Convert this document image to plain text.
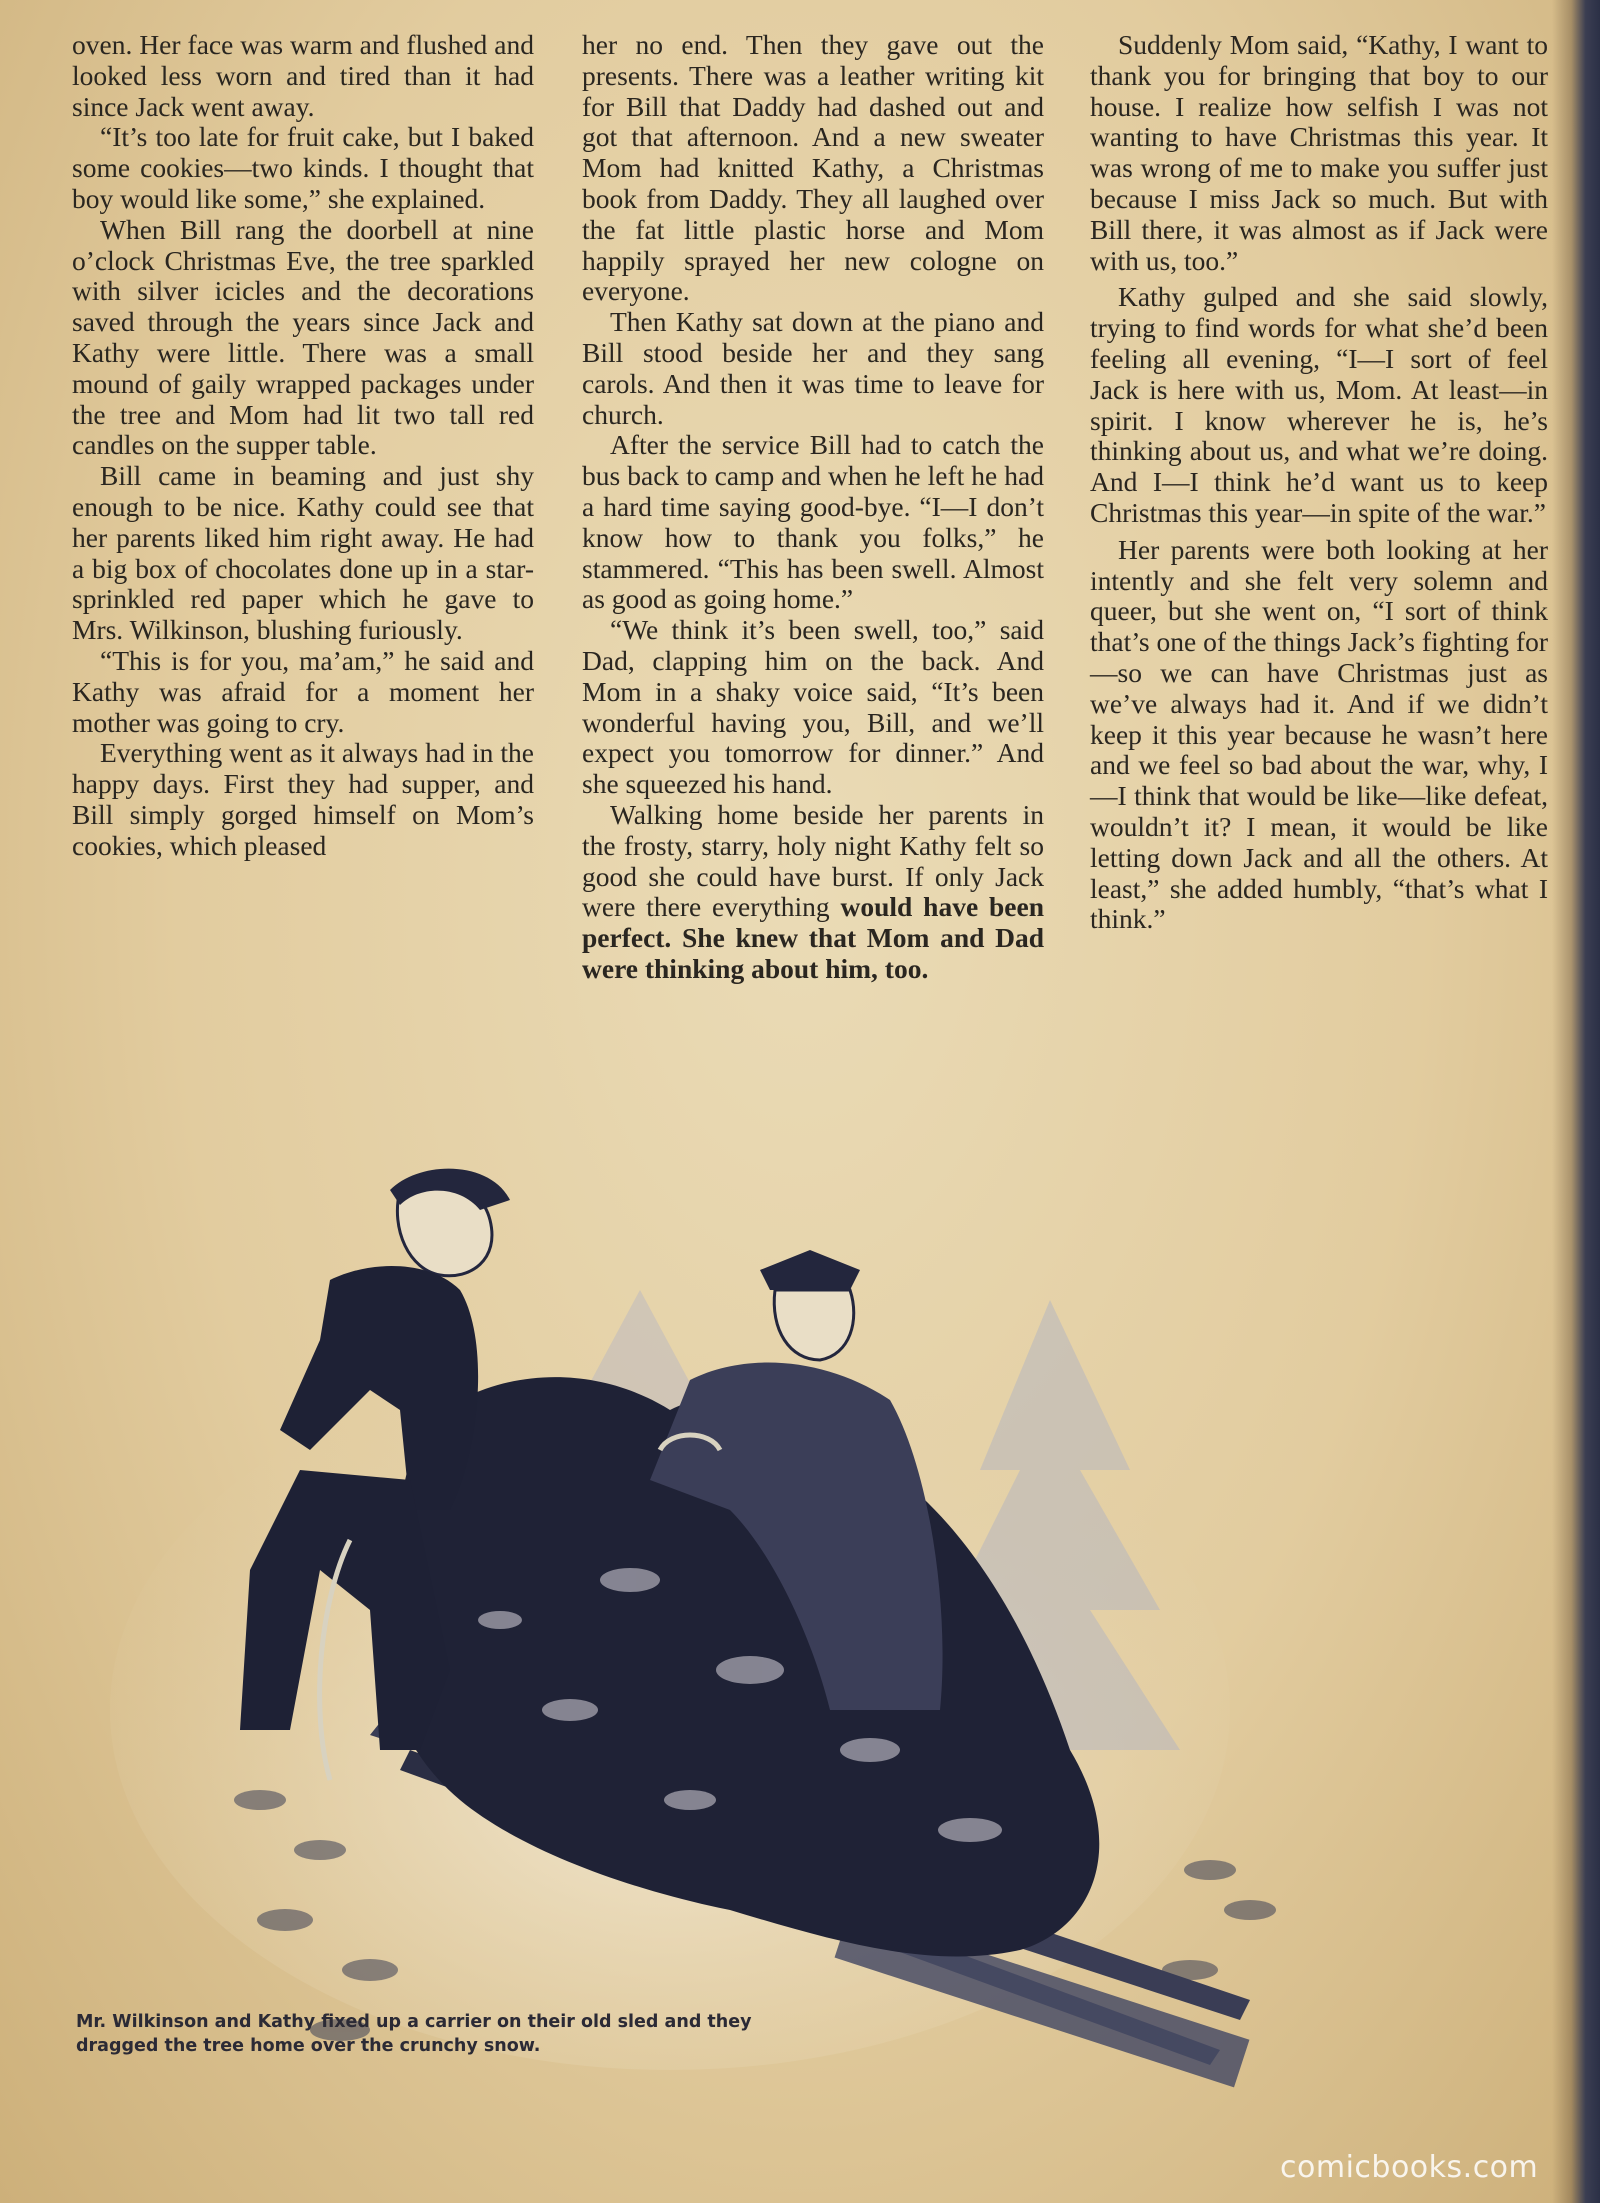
oven. Her face was warm and flushed and looked less worn and tired than it had since Jack went away.

“It’s too late for fruit cake, but I baked some cookies—two kinds. I thought that boy would like some,” she explained.

When Bill rang the doorbell at nine o’clock Christmas Eve, the tree sparkled with silver icicles and the decorations saved through the years since Jack and Kathy were little. There was a small mound of gaily wrapped packages under the tree and Mom had lit two tall red candles on the supper table.

Bill came in beaming and just shy enough to be nice. Kathy could see that her parents liked him right away. He had a big box of chocolates done up in a star-sprinkled red paper which he gave to Mrs. Wilkinson, blushing furiously.

“This is for you, ma’am,” he said and Kathy was afraid for a moment her mother was going to cry.

Everything went as it always had in the happy days. First they had supper, and Bill simply gorged himself on Mom’s cookies, which pleased

her no end. Then they gave out the presents. There was a leather writing kit for Bill that Daddy had dashed out and got that afternoon. And a new sweater Mom had knitted Kathy, a Christmas book from Daddy. They all laughed over the fat little plastic horse and Mom happily sprayed her new cologne on everyone.

Then Kathy sat down at the piano and Bill stood beside her and they sang carols. And then it was time to leave for church.

After the service Bill had to catch the bus back to camp and when he left he had a hard time saying good-bye. “I—I don’t know how to thank you folks,” he stammered. “This has been swell. Almost as good as going home.”

“We think it’s been swell, too,” said Dad, clapping him on the back. And Mom in a shaky voice said, “It’s been wonderful having you, Bill, and we’ll expect you tomorrow for dinner.” And she squeezed his hand.

Walking home beside her parents in the frosty, starry, holy night Kathy felt so good she could have burst. If only Jack were there everything would have been perfect. She knew that Mom and Dad were thinking about him, too.

Suddenly Mom said, “Kathy, I want to thank you for bringing that boy to our house. I realize how selfish I was not wanting to have Christmas this year. It was wrong of me to make you suffer just because I miss Jack so much. But with Bill there, it was almost as if Jack were with us, too.”

Kathy gulped and she said slowly, trying to find words for what she’d been feeling all evening, “I—I sort of feel Jack is here with us, Mom. At least—in spirit. I know wherever he is, he’s thinking about us, and what we’re doing. And I—I think he’d want us to keep Christmas this year—in spite of the war.”

Her parents were both looking at her intently and she felt very solemn and queer, but she went on, “I sort of think that’s one of the things Jack’s fighting for—so we can have Christmas just as we’ve always had it. And if we didn’t keep it this year because he wasn’t here and we feel so bad about the war, why, I—I think that would be like—like defeat, wouldn’t it? I mean, it would be like letting down Jack and all the others. At least,” she added humbly, “that’s what I think.”

Mr. Wilkinson and Kathy fixed up a carrier on their old sled and they dragged the tree home over the crunchy snow.
comicbooks.com
